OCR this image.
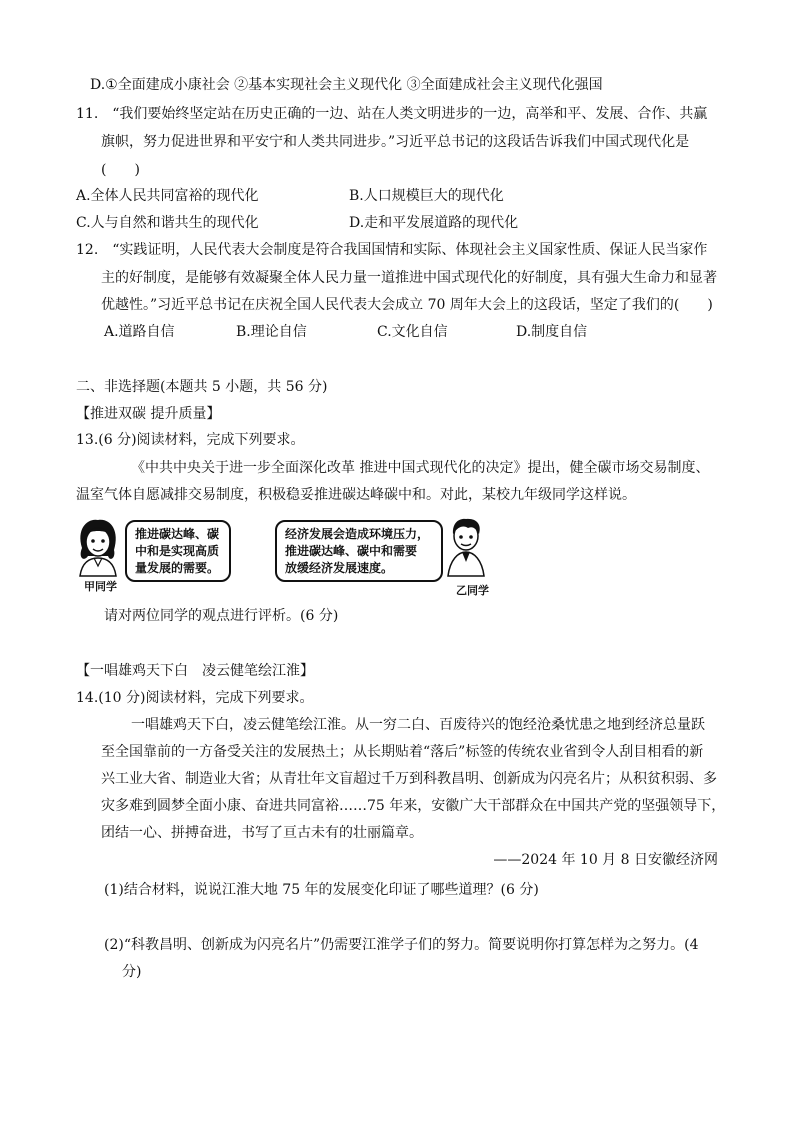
D.①全面建成小康社会 ②基本实现社会主义现代化 ③全面建成社会主义现代化强国
11.　“我们要始终坚定站在历史正确的一边、站在人类文明进步的一边，高举和平、发展、合作、共赢
旗帜，努力促进世界和平安宁和人类共同进步。”习近平总书记的这段话告诉我们中国式现代化是
(　　)
A.全体人民共同富裕的现代化	B.人口规模巨大的现代化
C.人与自然和谐共生的现代化	D.走和平发展道路的现代化
12.　“实践证明，人民代表大会制度是符合我国国情和实际、体现社会主义国家性质、保证人民当家作
主的好制度，是能够有效凝聚全体人民力量一道推进中国式现代化的好制度，具有强大生命力和显著
优越性。”习近平总书记在庆祝全国人民代表大会成立 70 周年大会上的这段话，坚定了我们的(　　)
A.道路自信	B.理论自信	C.文化自信	D.制度自信
二、非选择题(本题共 5 小题，共 56 分)
【推进双碳 提升质量】
13.(6 分)阅读材料，完成下列要求。
《中共中央关于进一步全面深化改革 推进中国式现代化的决定》提出，健全碳市场交易制度、
温室气体自愿减排交易制度，积极稳妥推进碳达峰碳中和。对此，某校九年级同学这样说。
甲同学
推进碳达峰、碳
中和是实现高质
量发展的需要。
经济发展会造成环境压力，
推进碳达峰、碳中和需要
放缓经济发展速度。
乙同学
请对两位同学的观点进行评析。(6 分)
【一唱雄鸡天下白　凌云健笔绘江淮】
14.(10 分)阅读材料，完成下列要求。
一唱雄鸡天下白，凌云健笔绘江淮。从一穷二白、百废待兴的饱经沧桑忧患之地到经济总量跃
至全国靠前的一方备受关注的发展热土；从长期贴着“落后”标签的传统农业省到令人刮目相看的新
兴工业大省、制造业大省；从青壮年文盲超过千万到科教昌明、创新成为闪亮名片；从积贫积弱、多
灾多难到圆梦全面小康、奋进共同富裕……75 年来，安徽广大干部群众在中国共产党的坚强领导下，
团结一心、拼搏奋进，书写了亘古未有的壮丽篇章。
——2024 年 10 月 8 日安徽经济网
(1)结合材料，说说江淮大地 75 年的发展变化印证了哪些道理？(6 分)
(2)“科教昌明、创新成为闪亮名片”仍需要江淮学子们的努力。简要说明你打算怎样为之努力。(4
分)
